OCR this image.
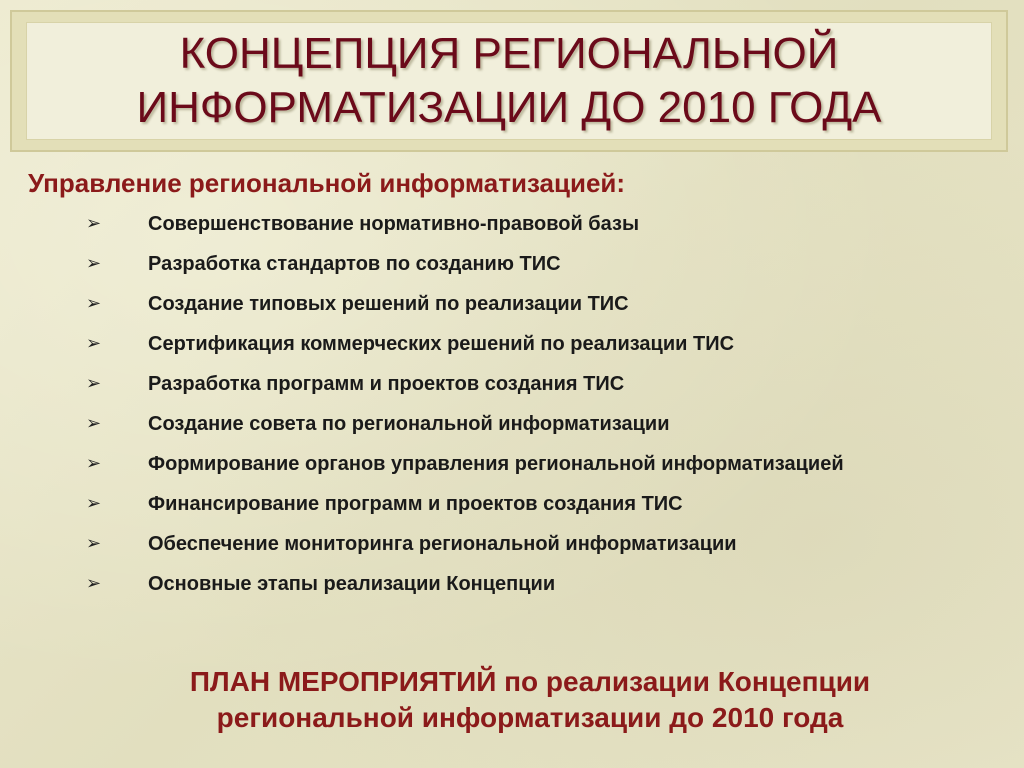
КОНЦЕПЦИЯ РЕГИОНАЛЬНОЙ
ИНФОРМАТИЗАЦИИ ДО 2010 ГОДА
Управление региональной информатизацией:
➢ Совершенствование нормативно-правовой базы
➢ Разработка стандартов по созданию ТИС
➢ Создание типовых решений по реализации ТИС
➢ Сертификация коммерческих решений по реализации ТИС
➢ Разработка программ и проектов создания ТИС
➢ Создание совета по региональной информатизации
➢ Формирование органов управления региональной информатизацией
➢ Финансирование программ и проектов создания ТИС
➢ Обеспечение мониторинга региональной информатизации
➢ Основные этапы реализации Концепции
ПЛАН МЕРОПРИЯТИЙ по реализации Концепции
региональной информатизации до 2010 года
